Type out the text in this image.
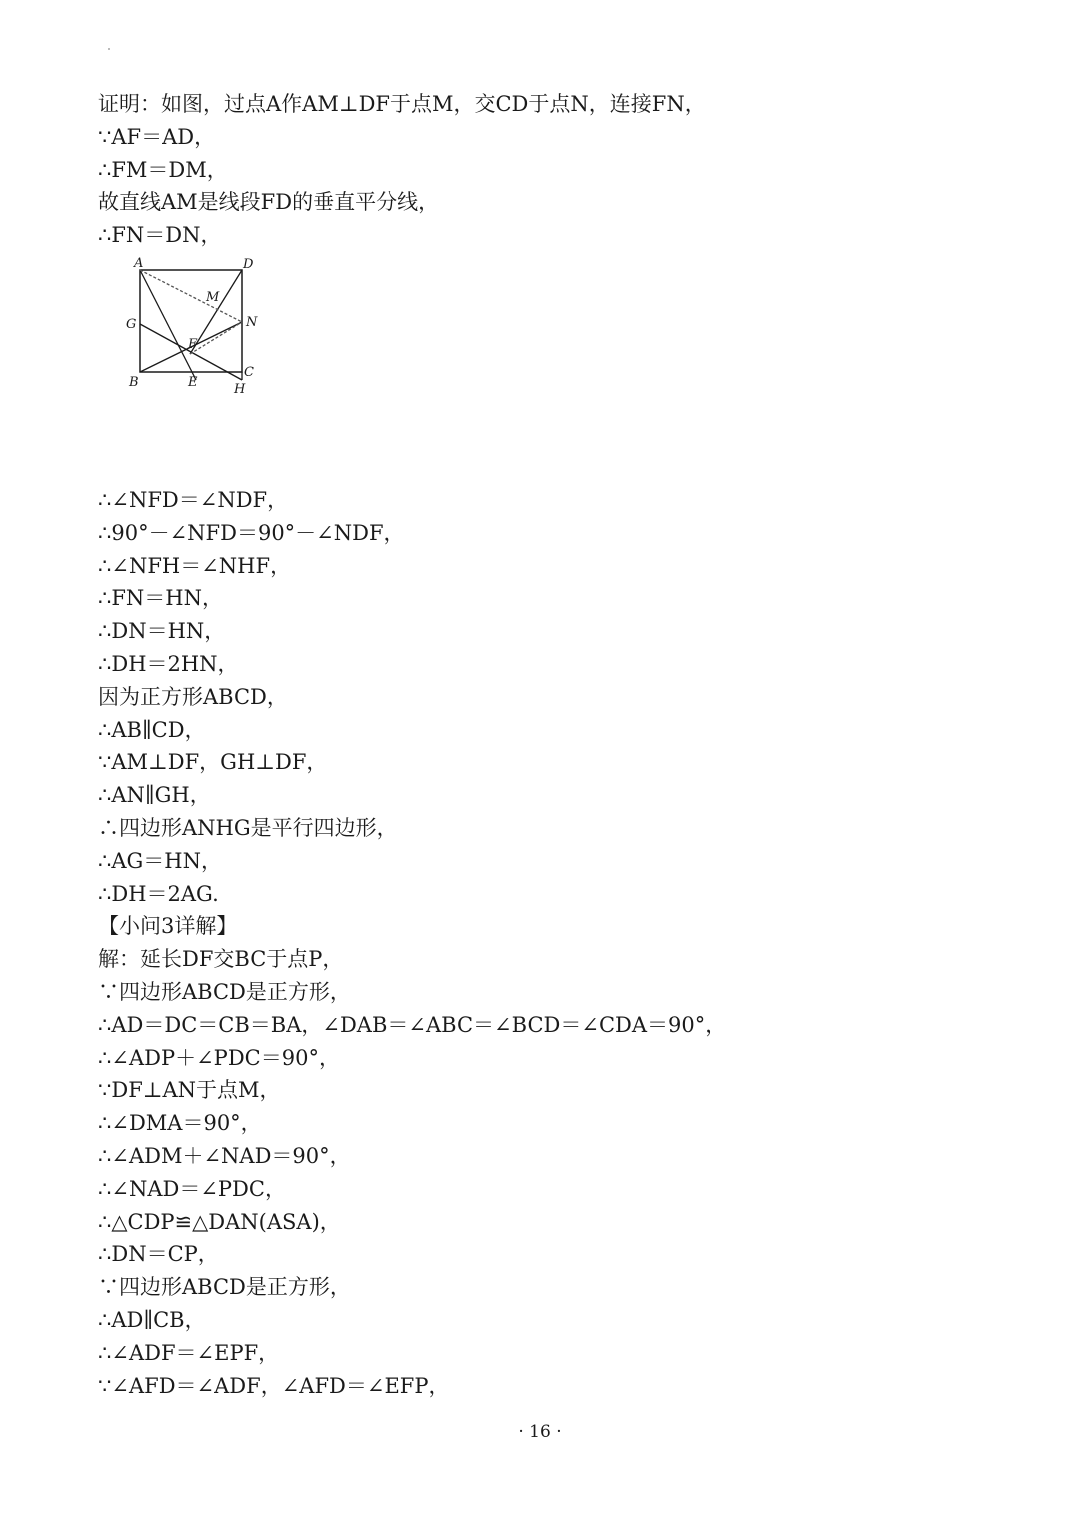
证明：如图，过点A作AM⊥DF于点M，交CD于点N，连接FN，
∵AF＝AD，
∴FM＝DM，
故直线AM是线段FD的垂直平分线，
∴FN＝DN，
A	D
M
N
G
F
B	E
C
H
∴∠NFD＝∠NDF，
∴90°－∠NFD＝90°－∠NDF，
∴∠NFH＝∠NHF，
∴FN＝HN，
∴DN＝HN，
∴DH＝2HN，
因为正方形ABCD，
∴AB∥CD，
∵AM⊥DF，GH⊥DF，
∴AN∥GH，
∴四边形ANHG是平行四边形，
∴AG＝HN，
∴DH＝2AG.
【小问3详解】
解：延长DF交BC于点P，
∵四边形ABCD是正方形，
∴AD＝DC＝CB＝BA，∠DAB＝∠ABC＝∠BCD＝∠CDA＝90°，
∴∠ADP＋∠PDC＝90°，
∵DF⊥AN于点M，
∴∠DMA＝90°，
∴∠ADM＋∠NAD＝90°，
∴∠NAD＝∠PDC，
∴△CDP≌△DAN(ASA)，
∴DN＝CP，
∵四边形ABCD是正方形，
∴AD∥CB，
∴∠ADF＝∠EPF，
∵∠AFD＝∠ADF，∠AFD＝∠EFP，
· 16 ·
